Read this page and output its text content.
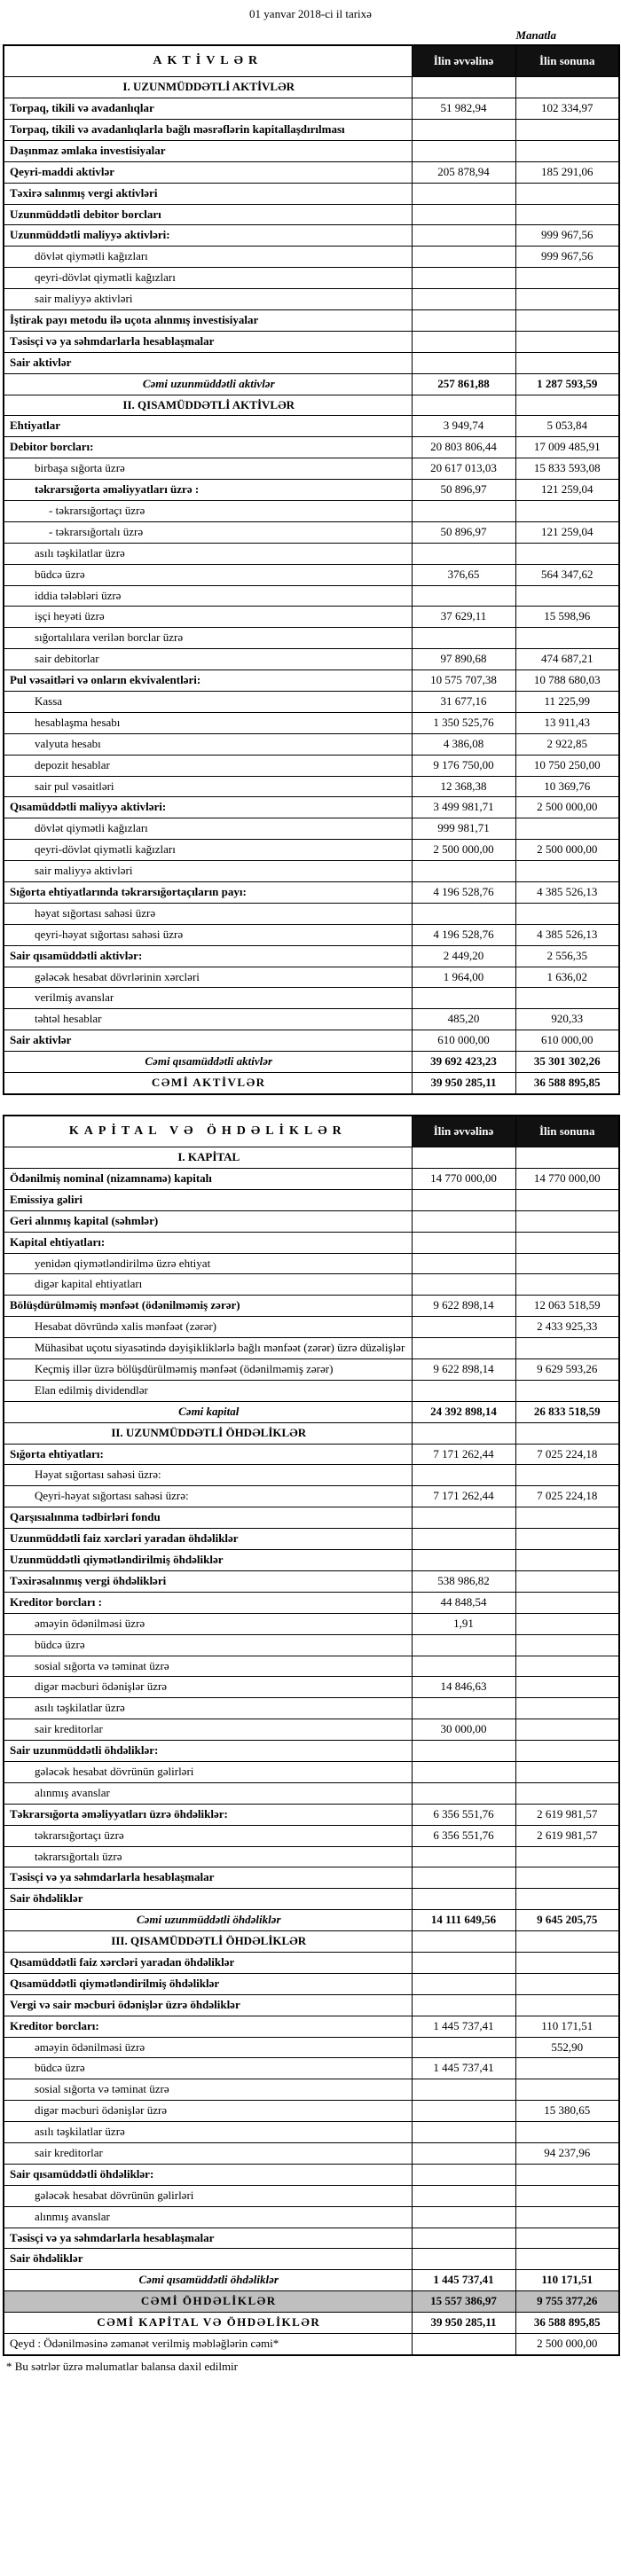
01 yanvar 2018-ci il tarixə
Manatla
AKTİVLƏR	İlin əvvəlinə	İlin sonuna
I. UZUNMÜDDƏTLİ AKTİVLƏR		
Torpaq, tikili və avadanlıqlar	51 982,94	102 334,97
Torpaq, tikili və avadanlıqlarla bağlı məsrəflərin kapitallaşdırılması		
Daşınmaz əmlaka investisiyalar		
Qeyri-maddi aktivlər	205 878,94	185 291,06
Təxirə salınmış vergi aktivləri		
Uzunmüddətli debitor borcları		
Uzunmüddətli maliyyə aktivləri:		999 967,56
dövlət qiymətli kağızları		999 967,56
qeyri-dövlət qiymətli kağızları		
sair maliyyə aktivləri		
İştirak payı metodu ilə uçota alınmış investisiyalar		
Təsisçi və ya səhmdarlarla hesablaşmalar		
Sair aktivlər		
Cəmi uzunmüddətli aktivlər	257 861,88	1 287 593,59
II. QISAMÜDDƏTLİ AKTİVLƏR		
Ehtiyatlar	3 949,74	5 053,84
Debitor borcları:	20 803 806,44	17 009 485,91
birbaşa sığorta üzrə	20 617 013,03	15 833 593,08
təkrarsığorta əməliyyatları üzrə :	50 896,97	121 259,04
- təkrarsığortaçı üzrə		
- təkrarsığortalı üzrə	50 896,97	121 259,04
asılı təşkilatlar üzrə		
büdcə üzrə	376,65	564 347,62
iddia tələbləri üzrə		
işçi heyəti üzrə	37 629,11	15 598,96
sığortalılara verilən borclar üzrə		
sair debitorlar	97 890,68	474 687,21
Pul vəsaitləri və onların ekvivalentləri:	10 575 707,38	10 788 680,03
Kassa	31 677,16	11 225,99
hesablaşma hesabı	1 350 525,76	13 911,43
valyuta hesabı	4 386,08	2 922,85
depozit hesablar	9 176 750,00	10 750 250,00
sair pul vəsaitləri	12 368,38	10 369,76
Qısamüddətli maliyyə aktivləri:	3 499 981,71	2 500 000,00
dövlət qiymətli kağızları	999 981,71	
qeyri-dövlət qiymətli kağızları	2 500 000,00	2 500 000,00
sair maliyyə aktivləri		
Sığorta ehtiyatlarında təkrarsığortaçıların payı:	4 196 528,76	4 385 526,13
həyat sığortası sahəsi üzrə		
qeyri-həyat sığortası sahəsi üzrə	4 196 528,76	4 385 526,13
Sair qısamüddətli aktivlər:	2 449,20	2 556,35
gələcək hesabat dövrlərinin xərcləri	1 964,00	1 636,02
verilmiş avanslar		
təhtəl hesablar	485,20	920,33
Sair aktivlər	610 000,00	610 000,00
Cəmi qısamüddətli aktivlər	39 692 423,23	35 301 302,26
CƏMİ AKTİVLƏR	39 950 285,11	36 588 895,85
KAPİTAL VƏ ÖHDƏLİKLƏR	İlin əvvəlinə	İlin sonuna
I. KAPİTAL		
Ödənilmiş nominal (nizamnamə) kapitalı	14 770 000,00	14 770 000,00
Emissiya gəliri		
Geri alınmış kapital (səhmlər)		
Kapital ehtiyatları:		
yenidən qiymətləndirilmə üzrə ehtiyat		
digər kapital ehtiyatları		
Bölüşdürülməmiş mənfəət (ödənilməmiş zərər)	9 622 898,14	12 063 518,59
Hesabat dövründə xalis mənfəət (zərər)		2 433 925,33
Mühasibat uçotu siyasətində dəyişikliklərlə bağlı mənfəət (zərər) üzrə düzəlişlər		
Keçmiş illər üzrə bölüşdürülməmiş mənfəət (ödənilməmiş zərər)	9 622 898,14	9 629 593,26
Elan edilmiş dividendlər		
Cəmi kapital	24 392 898,14	26 833 518,59
II. UZUNMÜDDƏTLİ ÖHDƏLİKLƏR		
Sığorta ehtiyatları:	7 171 262,44	7 025 224,18
Həyat sığortası sahəsi üzrə:		
Qeyri-həyat sığortası sahəsi üzrə:	7 171 262,44	7 025 224,18
Qarşısıalınma tədbirləri fondu		
Uzunmüddətli faiz xərcləri yaradan öhdəliklər		
Uzunmüddətli qiymətləndirilmiş öhdəliklər		
Təxirəsalınmış vergi öhdəlikləri	538 986,82	
Kreditor borcları :	44 848,54	
əməyin ödənilməsi üzrə	1,91	
büdcə üzrə		
sosial sığorta və təminat üzrə		
digər məcburi ödənişlər üzrə	14 846,63	
asılı təşkilatlar üzrə		
sair kreditorlar	30 000,00	
Sair uzunmüddətli öhdəliklər:		
gələcək hesabat dövrünün gəlirləri		
alınmış avanslar		
Təkrarsığorta əməliyyatları üzrə öhdəliklər:	6 356 551,76	2 619 981,57
təkrarsığortaçı üzrə	6 356 551,76	2 619 981,57
təkrarsığortalı üzrə		
Təsisçi və ya səhmdarlarla hesablaşmalar		
Sair öhdəliklər		
Cəmi uzunmüddətli öhdəliklər	14 111 649,56	9 645 205,75
III. QISAMÜDDƏTLİ ÖHDƏLİKLƏR		
Qısamüddətli faiz xərcləri yaradan öhdəliklər		
Qısamüddətli qiymətləndirilmiş öhdəliklər		
Vergi və sair məcburi ödənişlər üzrə öhdəliklər		
Kreditor borcları:	1 445 737,41	110 171,51
əməyin ödənilməsi üzrə		552,90
büdcə üzrə	1 445 737,41	
sosial sığorta və təminat üzrə		
digər məcburi ödənişlər üzrə		15 380,65
asılı təşkilatlar üzrə		
sair kreditorlar		94 237,96
Sair qısamüddətli öhdəliklər:		
gələcək hesabat dövrünün gəlirləri		
alınmış avanslar		
Təsisçi və ya səhmdarlarla hesablaşmalar		
Sair öhdəliklər		
Cəmi qısamüddətli öhdəliklər	1 445 737,41	110 171,51
CƏMİ ÖHDƏLİKLƏR	15 557 386,97	9 755 377,26
CƏMİ KAPİTAL VƏ ÖHDƏLİKLƏR	39 950 285,11	36 588 895,85
Qeyd : Ödənilməsinə zəmanət verilmiş məbləğlərin cəmi*		2 500 000,00
* Bu sətrlər üzrə məlumatlar balansa daxil edilmir
